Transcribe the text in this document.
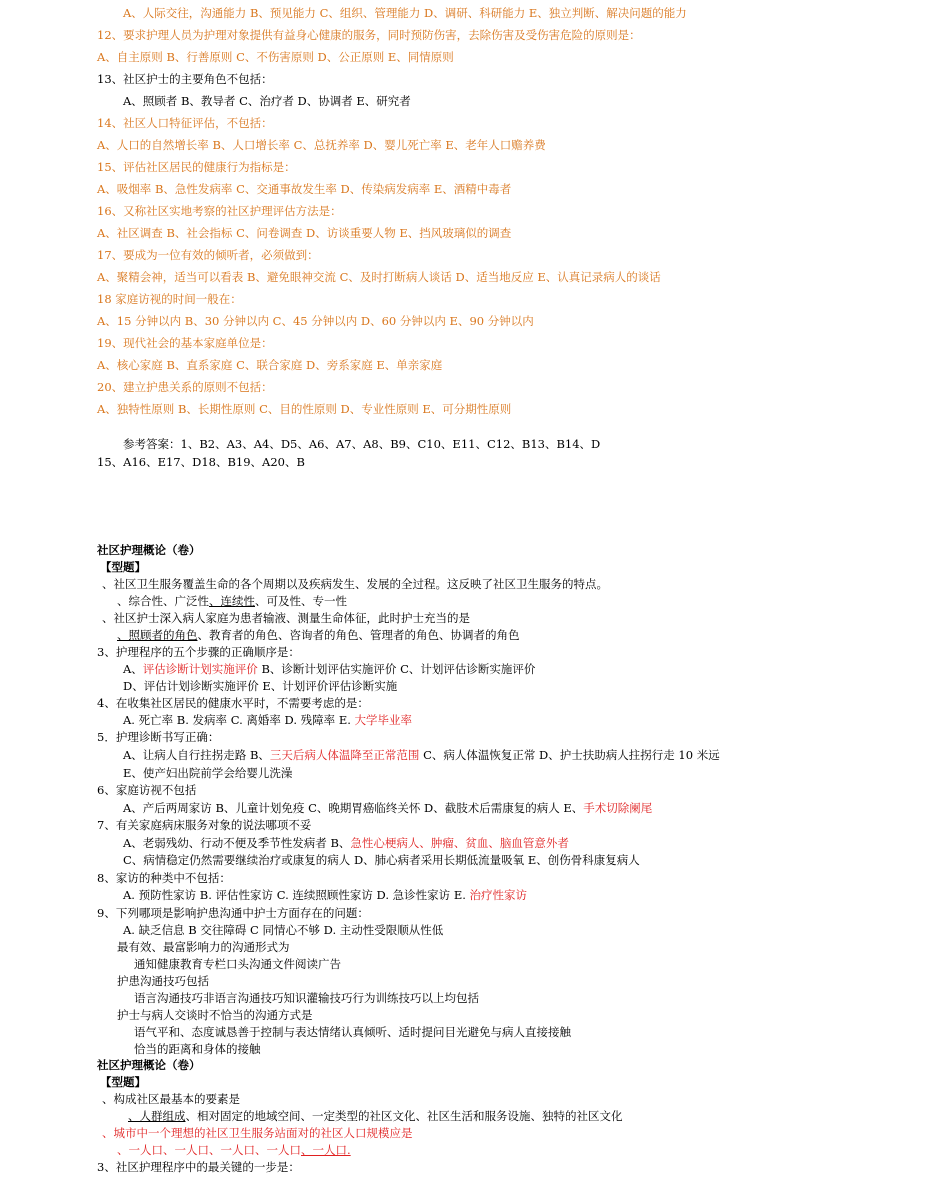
A、人际交往，沟通能力 B、预见能力 C、组织、管理能力 D、调研、科研能力 E、独立判断、解决问题的能力
12、要求护理人员为护理对象提供有益身心健康的服务，同时预防伤害，去除伤害及受伤害危险的原则是：
A、自主原则 B、行善原则 C、不伤害原则 D、公正原则 E、同情原则
13、社区护士的主要角色不包括：
A、照顾者 B、教导者 C、治疗者 D、协调者 E、研究者
14、社区人口特征评估，不包括：
A、人口的自然增长率 B、人口增长率 C、总抚养率 D、婴儿死亡率 E、老年人口赡养费
15、评估社区居民的健康行为指标是：
A、吸烟率 B、急性发病率 C、交通事故发生率 D、传染病发病率 E、酒精中毒者
16、又称社区实地考察的社区护理评估方法是：
A、社区调查 B、社会指标 C、问卷调查 D、访谈重要人物 E、挡风玻璃似的调查
17、要成为一位有效的倾听者，必须做到：
A、聚精会神，适当可以看表 B、避免眼神交流 C、及时打断病人谈话 D、适当地反应 E、认真记录病人的谈话
18 家庭访视的时间一般在：
A、15 分钟以内 B、30 分钟以内 C、45 分钟以内 D、60 分钟以内 E、90 分钟以内
19、现代社会的基本家庭单位是：
A、核心家庭 B、直系家庭 C、联合家庭 D、旁系家庭 E、单亲家庭
20、建立护患关系的原则不包括：
A、独特性原则 B、长期性原则 C、目的性原则 D、专业性原则 E、可分期性原则
参考答案：1、B2、A3、A4、D5、A6、A7、A8、B9、C10、E11、C12、B13、B14、D
15、A16、E17、D18、B19、A20、B
社区护理概论（卷）
【型题】
、社区卫生服务覆盖生命的各个周期以及疾病发生、发展的全过程。这反映了社区卫生服务的特点。
、综合性、广泛性、连续性、可及性、专一性
、社区护士深入病人家庭为患者输液、测量生命体征，此时护士充当的是
、照顾者的角色、教育者的角色、咨询者的角色、管理者的角色、协调者的角色
3、护理程序的五个步骤的正确顺序是：
A、评估诊断计划实施评价 B、诊断计划评估实施评价 C、计划评估诊断实施评价
D、评估计划诊断实施评价 E、计划评价评估诊断实施
4、在收集社区居民的健康水平时，不需要考虑的是：
A. 死亡率 B. 发病率 C. 离婚率 D. 残障率 E. 大学毕业率
5．护理诊断书写正确：
A、让病人自行拄拐走路 B、三天后病人体温降至正常范围 C、病人体温恢复正常 D、护士扶助病人拄拐行走 10 米远
E、使产妇出院前学会给婴儿洗澡
6、家庭访视不包括
A、产后两周家访 B、儿童计划免疫 C、晚期胃癌临终关怀 D、截肢术后需康复的病人 E、手术切除阑尾
7、有关家庭病床服务对象的说法哪项不妥
A、老弱残幼、行动不便及季节性发病者 B、急性心梗病人、肿瘤、贫血、脑血管意外者
C、病情稳定仍然需要继续治疗或康复的病人 D、肺心病者采用长期低流量吸氧 E、创伤骨科康复病人
8、家访的种类中不包括：
A. 预防性家访 B. 评估性家访 C. 连续照顾性家访 D. 急诊性家访 E. 治疗性家访
9、下列哪项是影响护患沟通中护士方面存在的问题：
A. 缺乏信息 B 交往障碍 C 同情心不够 D. 主动性受限顺从性低
最有效、最富影响力的沟通形式为
通知健康教育专栏口头沟通文件阅读广告
护患沟通技巧包括
语言沟通技巧非语言沟通技巧知识灌输技巧行为训练技巧以上均包括
护士与病人交谈时不恰当的沟通方式是
语气平和、态度诚恳善于控制与表达情绪认真倾听、适时提问目光避免与病人直接接触
恰当的距离和身体的接触
社区护理概论（卷）
【型题】
、构成社区最基本的要素是
、人群组成、相对固定的地域空间、一定类型的社区文化、社区生活和服务设施、独特的社区文化
、城市中一个理想的社区卫生服务站面对的社区人口规模应是
、一人口、一人口、一人口、一人口、一人口.
3、社区护理程序中的最关键的一步是：
